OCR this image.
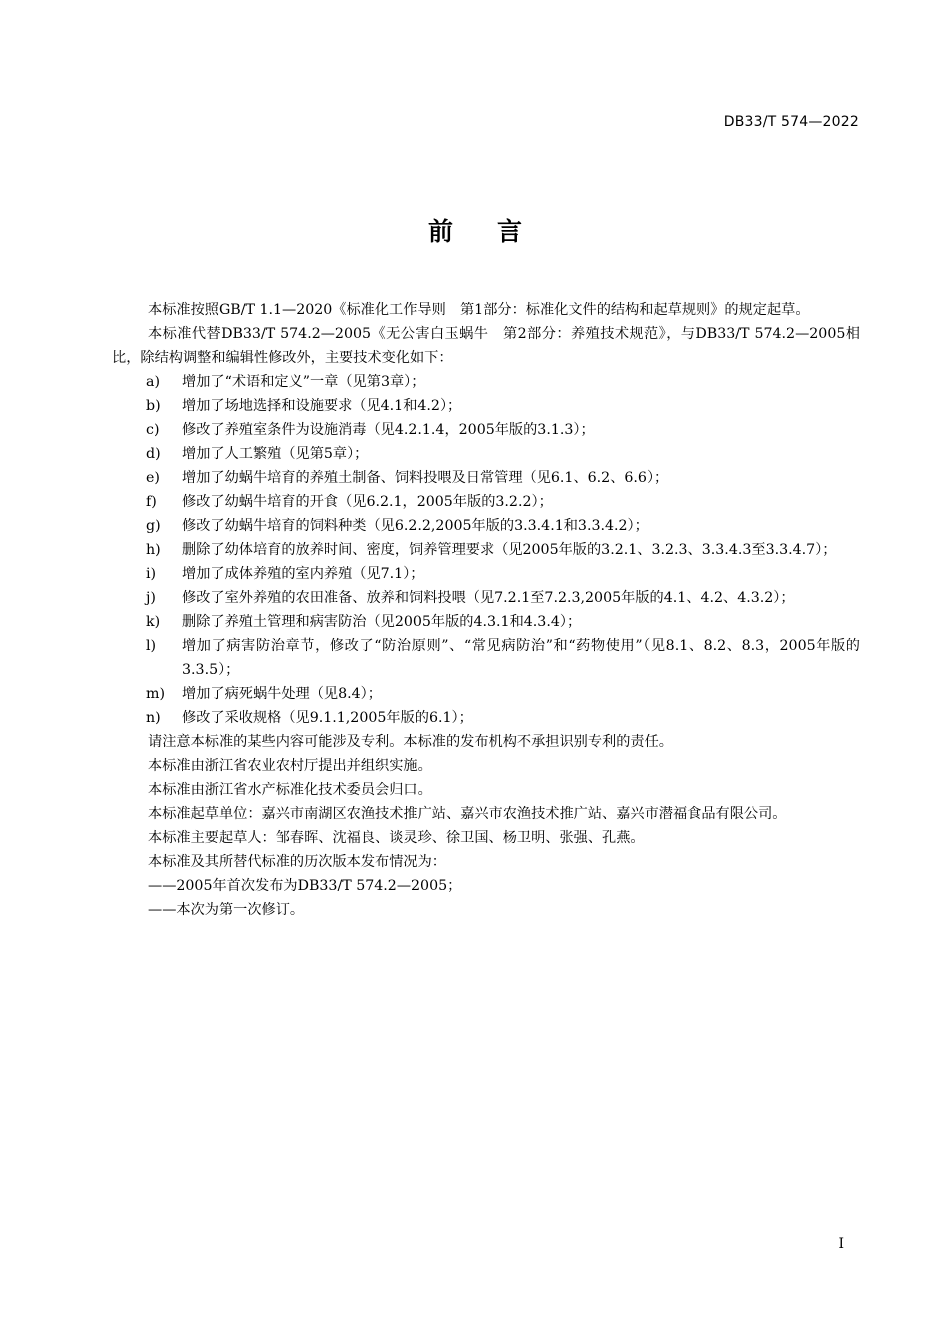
DB33/T 574—2022
前 言

本标准按照GB/T 1.1—2020《标准化工作导则　第1部分：标准化文件的结构和起草规则》的规定起草。

本标准代替DB33/T 574.2—2005《无公害白玉蜗牛　第2部分：养殖技术规范》，与DB33/T 574.2—2005相比，除结构调整和编辑性修改外，主要技术变化如下：

a)	增加了“术语和定义”一章（见第3章）；
b)	增加了场地选择和设施要求（见4.1和4.2）；
c)	修改了养殖室条件为设施消毒（见4.2.1.4，2005年版的3.1.3）；
d)	增加了人工繁殖（见第5章）；
e)	增加了幼蜗牛培育的养殖土制备、饲料投喂及日常管理（见6.1、6.2、6.6）；
f)	修改了幼蜗牛培育的开食（见6.2.1，2005年版的3.2.2）；
g)	修改了幼蜗牛培育的饲料种类（见6.2.2,2005年版的3.3.4.1和3.3.4.2）；
h)	删除了幼体培育的放养时间、密度，饲养管理要求（见2005年版的3.2.1、3.2.3、3.3.4.3至3.3.4.7）；
i)	增加了成体养殖的室内养殖（见7.1）；
j)	修改了室外养殖的农田准备、放养和饲料投喂（见7.2.1至7.2.3,2005年版的4.1、4.2、4.3.2）；
k)	删除了养殖土管理和病害防治（见2005年版的4.3.1和4.3.4）；
l)	增加了病害防治章节，修改了“防治原则”、“常见病防治”和“药物使用”（见8.1、8.2、8.3，2005年版的3.3.5）；
m)	增加了病死蜗牛处理（见8.4）；
n)	修改了采收规格（见9.1.1,2005年版的6.1）；

请注意本标准的某些内容可能涉及专利。本标准的发布机构不承担识别专利的责任。

本标准由浙江省农业农村厅提出并组织实施。

本标准由浙江省水产标准化技术委员会归口。

本标准起草单位：嘉兴市南湖区农渔技术推广站、嘉兴市农渔技术推广站、嘉兴市潜福食品有限公司。

本标准主要起草人：邹春晖、沈福良、谈灵珍、徐卫国、杨卫明、张强、孔燕。

本标准及其所替代标准的历次版本发布情况为：

——2005年首次发布为DB33/T 574.2—2005；

——本次为第一次修订。

I
